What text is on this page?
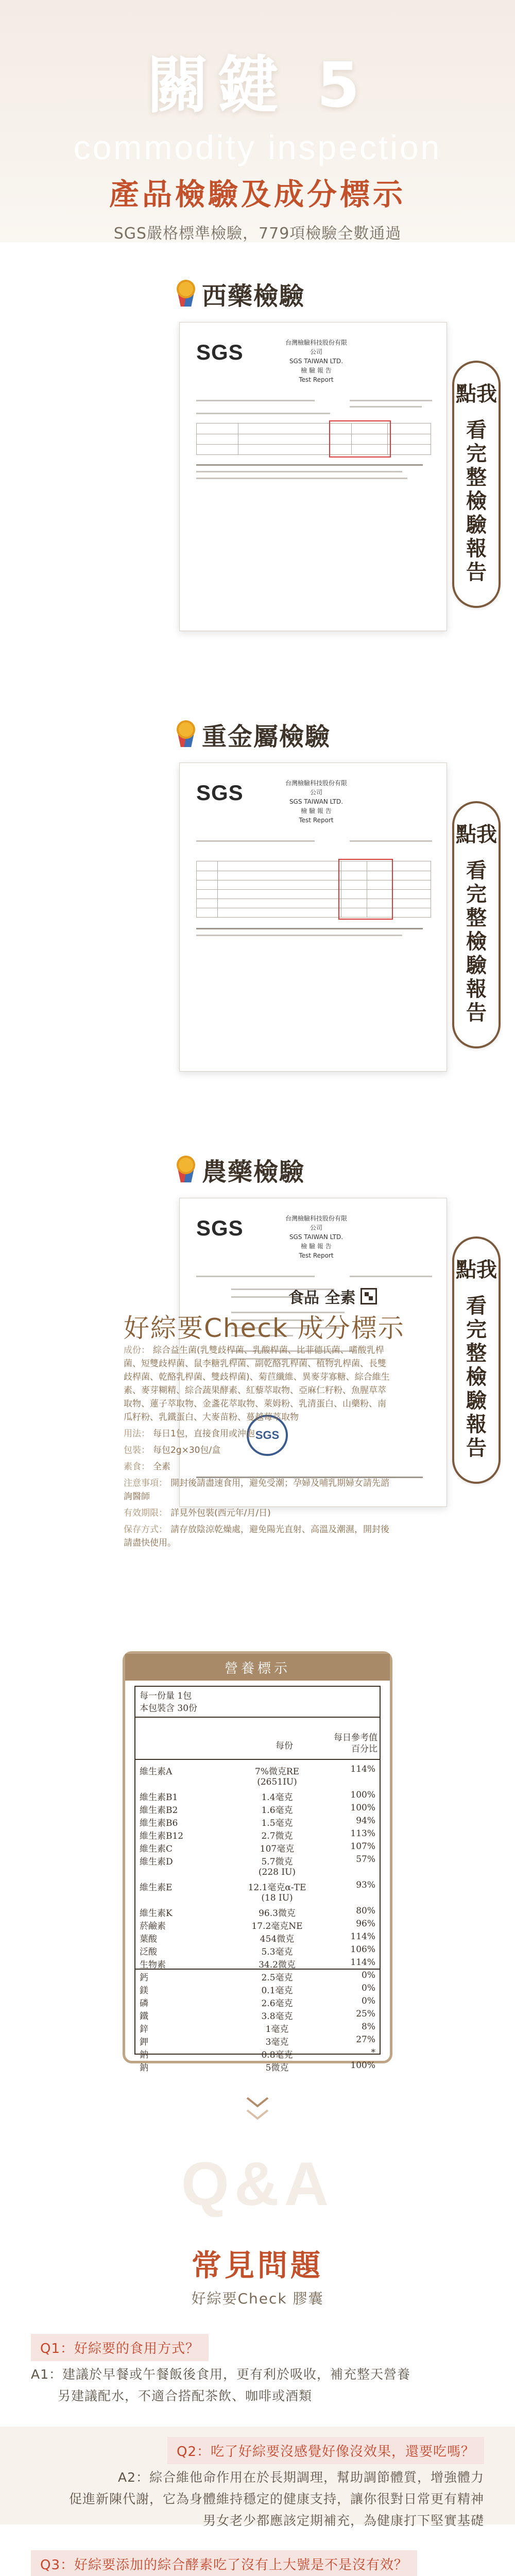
關鍵 5
commodity inspection
產品檢驗及成分標示
SGS嚴格標準檢驗，779項檢驗全數通過
西藥檢驗
SGS	台灣檢驗科技股份有限公司
SGS TAIWAN LTD.
檢 驗 報 告
Test Report
點我
看
完
整
檢
驗
報
告
重金屬檢驗
SGS	台灣檢驗科技股份有限公司
SGS TAIWAN LTD.
檢 驗 報 告
Test Report
點我
看
完
整
檢
驗
報
告
農藥檢驗
SGS	台灣檢驗科技股份有限公司
SGS TAIWAN LTD.
檢 驗 報 告
Test Report
SGS
點我
看
完
整
檢
驗
報
告
食品 全素
好綜要Check 成分標示

成份： 綜合益生菌(乳雙歧桿菌、乳酸桿菌、比菲德氏菌、嗜酸乳桿菌、短雙歧桿菌、鼠李糖乳桿菌、副乾酪乳桿菌、植物乳桿菌、長雙歧桿菌、乾酪乳桿菌、雙歧桿菌)、菊苣纖維、異麥芽寡糖、綜合維生素、麥芽糊精、綜合蔬果酵素、紅藜萃取物、亞麻仁籽粉、魚腥草萃取物、蓮子萃取物、金盞花萃取物、萊姆粉、乳清蛋白、山藥粉、南瓜籽粉、乳鐵蛋白、大麥苗粉、蔓越莓萃取物

用法： 每日1包，直接食用或沖泡

包裝： 每包2g×30包/盒

素食： 全素

注意事項： 開封後請盡速食用，避免受潮；孕婦及哺乳期婦女請先諮詢醫師

有效期限： 詳見外包裝(西元年/月/日)

保存方式： 請存放陰涼乾燥處，避免陽光直射、高溫及潮濕，開封後請盡快使用。

營養標示
每一份量 1包
本包裝含 30份
每份
每日參考值百分比
維生素A	7%微克RE	114%
(2651IU)
維生素B1	1.4毫克	100%
維生素B2	1.6毫克	100%
維生素B6	1.5毫克	94%
維生素B12	2.7微克	113%
維生素C	107毫克	107%
維生素D	5.7微克	57%
(228 IU)
維生素E	12.1毫克α-TE	93%
(18 IU)
維生素K	96.3微克	80%
菸鹼素	17.2毫克NE	96%
葉酸	454微克	114%
泛酸	5.3毫克	106%
生物素	34.2微克	114%
鈣	2.5毫克	0%
鎂	0.1毫克	0%
磷	2.6毫克	0%
鐵	3.8毫克	25%
鋅	1毫克	8%
鉀	3毫克	27%
鈉	0.8毫克	*
鈉	5微克	100%
Q&A
常見問題
好綜要Check 膠囊
Q1：好綜要的食用方式？
A1：建議於早餐或午餐飯後食用，更有利於吸收，補充整天營養
　　另建議配水，不適合搭配茶飲、咖啡或酒類
Q2：吃了好綜要沒感覺好像沒效果，還要吃嗎？
A2：綜合維他命作用在於長期調理，幫助調節體質，增強體力
促進新陳代謝，它為身體維持穩定的健康支持，讓你很對日常更有精神
男女老少都應該定期補充，為健康打下堅實基礎
Q3：好綜要添加的綜合酵素吃了沒有上大號是不是沒有效？
